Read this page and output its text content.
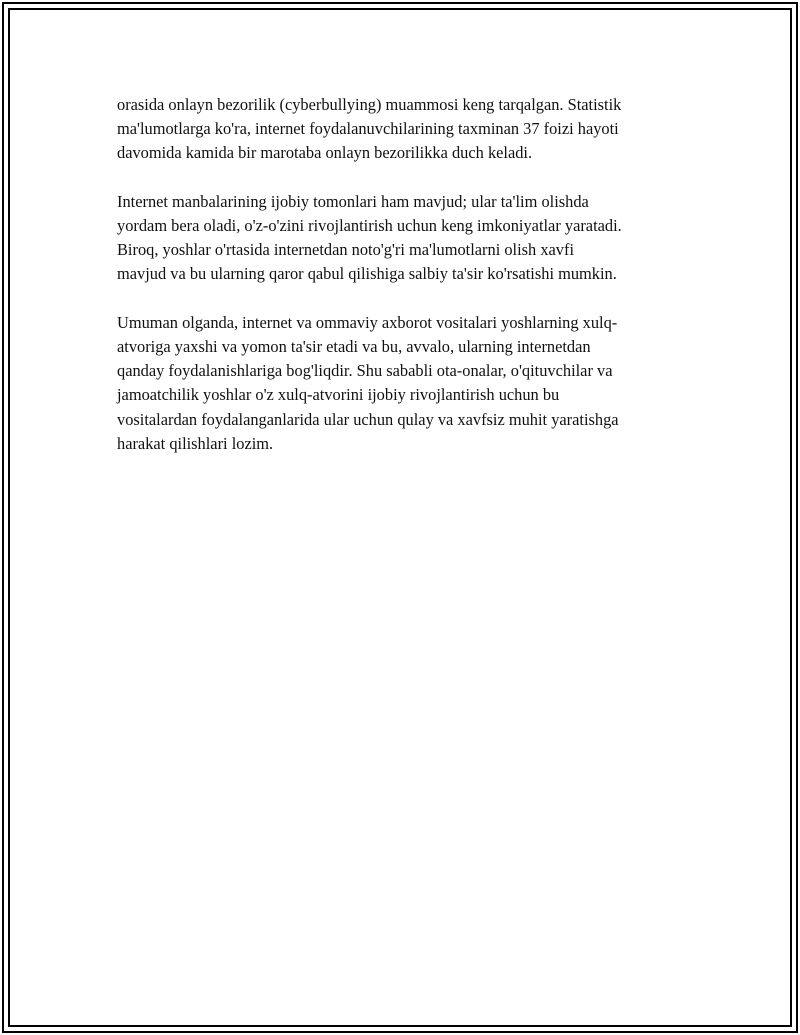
orasida onlayn bezorilik (cyberbullying) muammosi keng tarqalgan. Statistik
ma'lumotlarga ko'ra, internet foydalanuvchilarining taxminan 37 foizi hayoti
davomida kamida bir marotaba onlayn bezorilikka duch keladi.

Internet manbalarining ijobiy tomonlari ham mavjud; ular ta'lim olishda
yordam bera oladi, o'z-o'zini rivojlantirish uchun keng imkoniyatlar yaratadi.
Biroq, yoshlar o'rtasida internetdan noto'g'ri ma'lumotlarni olish xavfi
mavjud va bu ularning qaror qabul qilishiga salbiy ta'sir ko'rsatishi mumkin.

Umuman olganda, internet va ommaviy axborot vositalari yoshlarning xulq-
atvoriga yaxshi va yomon ta'sir etadi va bu, avvalo, ularning internetdan
qanday foydalanishlariga bog'liqdir. Shu sababli ota-onalar, o'qituvchilar va
jamoatchilik yoshlar o'z xulq-atvorini ijobiy rivojlantirish uchun bu
vositalardan foydalanganlarida ular uchun qulay va xavfsiz muhit yaratishga
harakat qilishlari lozim.
